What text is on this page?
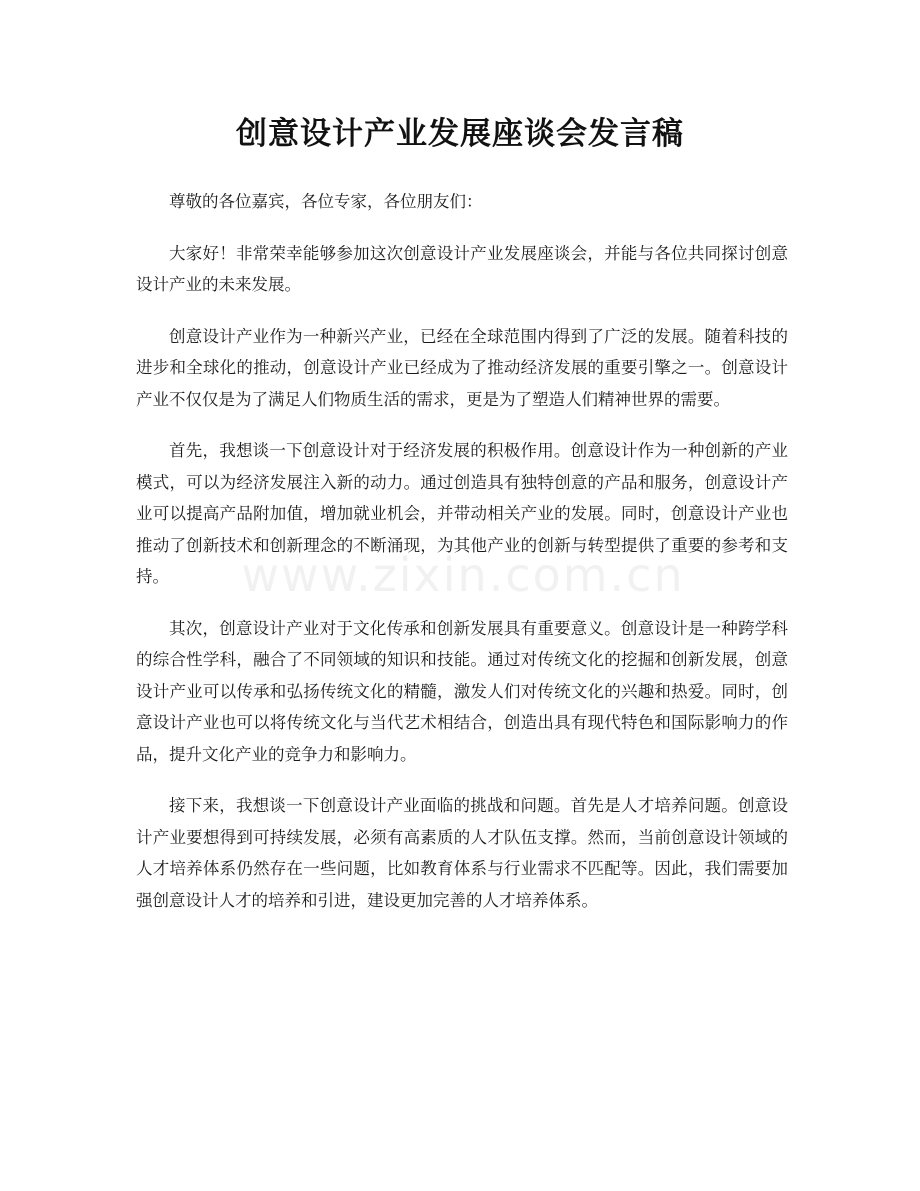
创意设计产业发展座谈会发言稿

尊敬的各位嘉宾，各位专家，各位朋友们：

大家好！非常荣幸能够参加这次创意设计产业发展座谈会，并能与各位共同探讨创意设计产业的未来发展。

创意设计产业作为一种新兴产业，已经在全球范围内得到了广泛的发展。随着科技的进步和全球化的推动，创意设计产业已经成为了推动经济发展的重要引擎之一。创意设计产业不仅仅是为了满足人们物质生活的需求，更是为了塑造人们精神世界的需要。

首先，我想谈一下创意设计对于经济发展的积极作用。创意设计作为一种创新的产业模式，可以为经济发展注入新的动力。通过创造具有独特创意的产品和服务，创意设计产业可以提高产品附加值，增加就业机会，并带动相关产业的发展。同时，创意设计产业也推动了创新技术和创新理念的不断涌现，为其他产业的创新与转型提供了重要的参考和支持。

其次，创意设计产业对于文化传承和创新发展具有重要意义。创意设计是一种跨学科的综合性学科，融合了不同领域的知识和技能。通过对传统文化的挖掘和创新发展，创意设计产业可以传承和弘扬传统文化的精髓，激发人们对传统文化的兴趣和热爱。同时，创意设计产业也可以将传统文化与当代艺术相结合，创造出具有现代特色和国际影响力的作品，提升文化产业的竞争力和影响力。

接下来，我想谈一下创意设计产业面临的挑战和问题。首先是人才培养问题。创意设计产业要想得到可持续发展，必须有高素质的人才队伍支撑。然而，当前创意设计领域的人才培养体系仍然存在一些问题，比如教育体系与行业需求不匹配等。因此，我们需要加强创意设计人才的培养和引进，建设更加完善的人才培养体系。

www.zixin.com.cn
